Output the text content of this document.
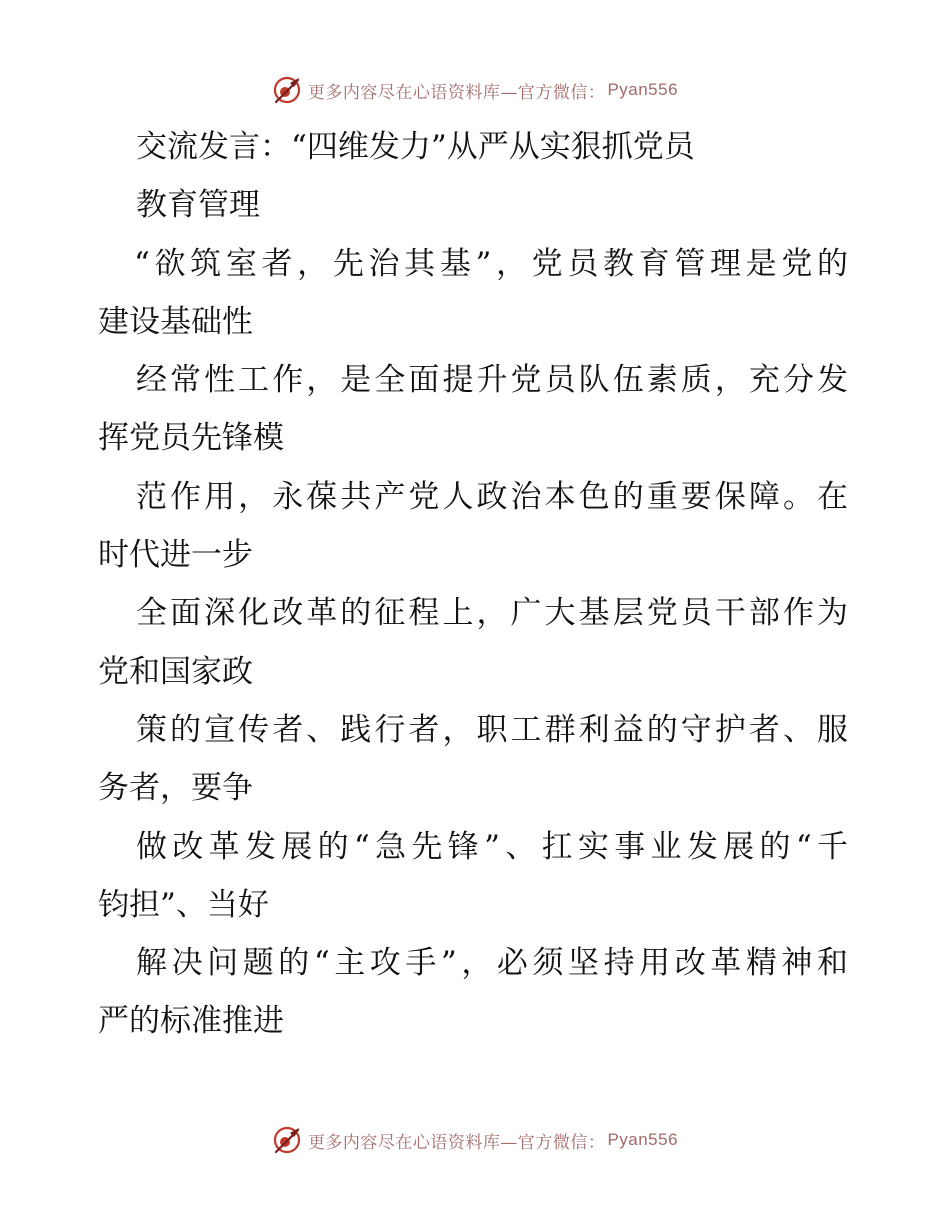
更多内容尽在心语资料库—官方微信： Pyan556
交流发言：“四维发力”从严从实狠抓党员
教育管理
“欲筑室者，先治其基”，党员教育管理是党的
建设基础性
经常性工作，是全面提升党员队伍素质，充分发
挥党员先锋模
范作用，永葆共产党人政治本色的重要保障。在
时代进一步
全面深化改革的征程上，广大基层党员干部作为
党和国家政
策的宣传者、践行者，职工群利益的守护者、服
务者，要争
做改革发展的“急先锋”、扛实事业发展的“千
钧担”、当好
解决问题的“主攻手”，必须坚持用改革精神和
严的标准推进
更多内容尽在心语资料库—官方微信： Pyan556
